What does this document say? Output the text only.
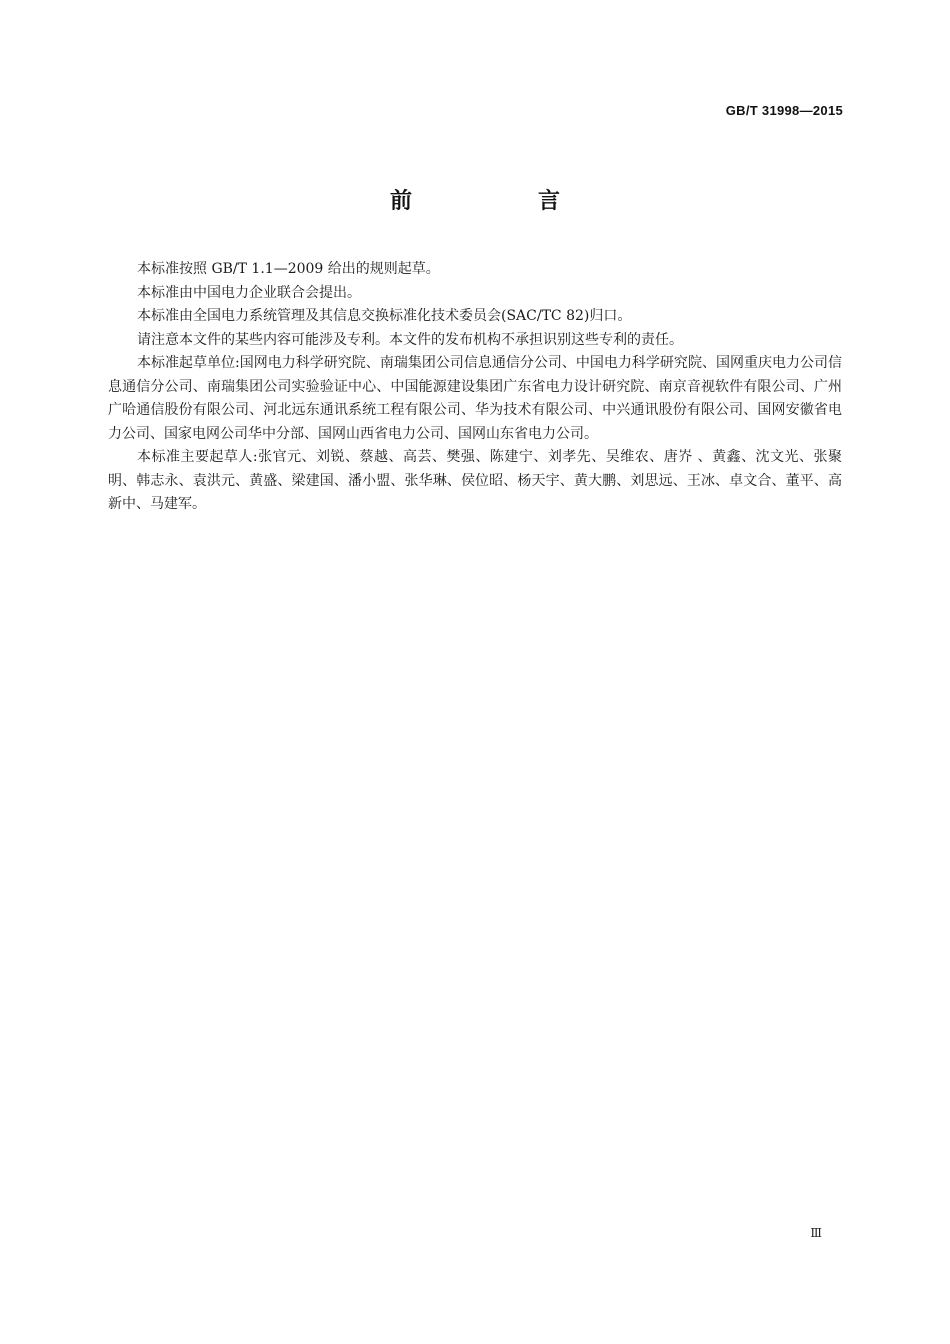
GB/T 31998—2015
前　言

本标准按照 GB/T 1.1—2009 给出的规则起草。

本标准由中国电力企业联合会提出。

本标准由全国电力系统管理及其信息交换标准化技术委员会(SAC/TC 82)归口。

请注意本文件的某些内容可能涉及专利。本文件的发布机构不承担识别这些专利的责任。

本标准起草单位:国网电力科学研究院、南瑞集团公司信息通信分公司、中国电力科学研究院、国网重庆电力公司信息通信分公司、南瑞集团公司实验验证中心、中国能源建设集团广东省电力设计研究院、南京音视软件有限公司、广州广哈通信股份有限公司、河北远东通讯系统工程有限公司、华为技术有限公司、中兴通讯股份有限公司、国网安徽省电力公司、国家电网公司华中分部、国网山西省电力公司、国网山东省电力公司。

本标准主要起草人:张官元、刘锐、蔡越、高芸、樊强、陈建宁、刘孝先、吴维农、唐岕 、黄鑫、沈文光、张聚明、韩志永、袁洪元、黄盛、梁建国、潘小盟、张华琳、侯位昭、杨天宇、黄大鹏、刘思远、王冰、卓文合、董平、高新中、马建军。

Ⅲ
